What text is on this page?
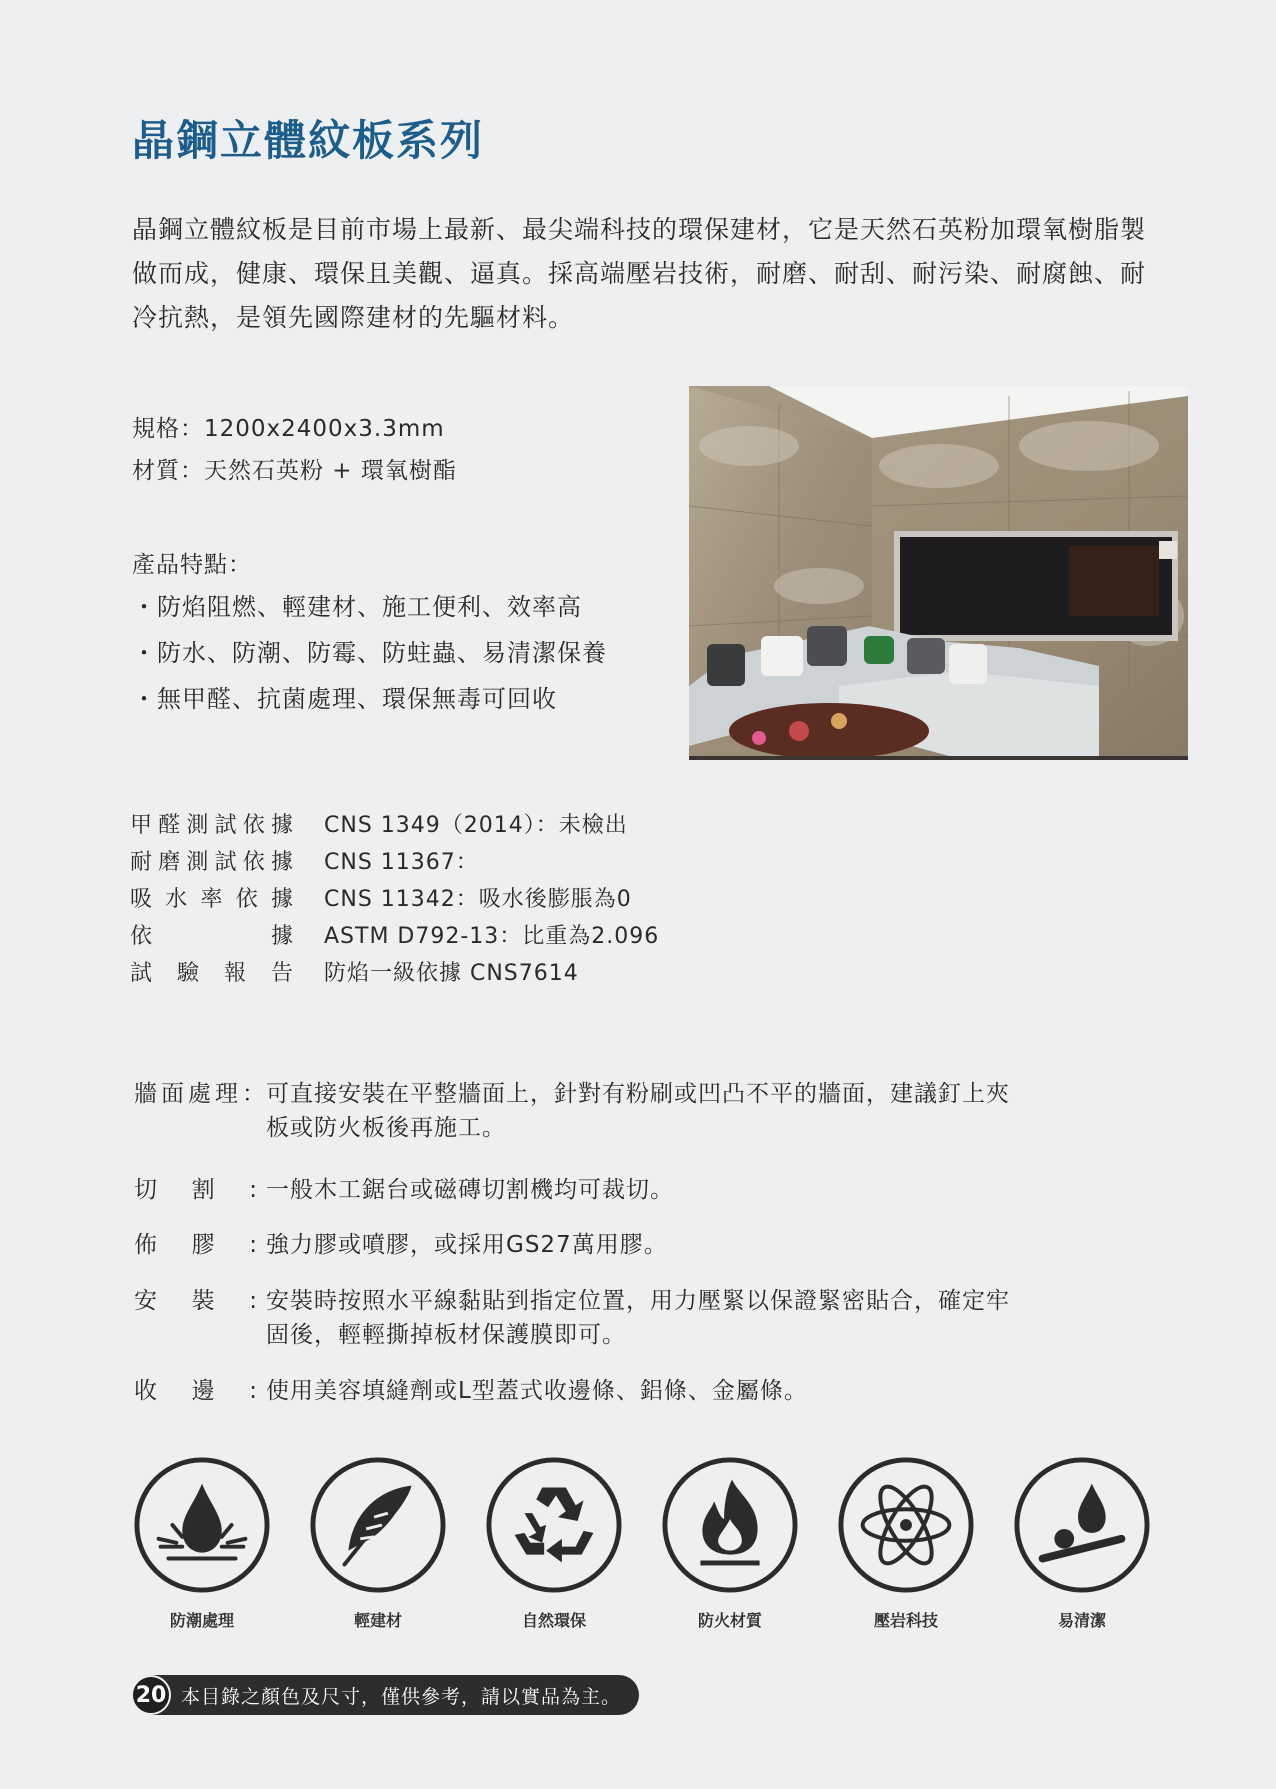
晶鋼立體紋板系列

晶鋼立體紋板是目前市場上最新、最尖端科技的環保建材，它是天然石英粉加環氧樹脂製做而成，健康、環保且美觀、逼真。採高端壓岩技術，耐磨、耐刮、耐污染、耐腐蝕、耐冷抗熱，是領先國際建材的先驅材料。

規格：1200x2400x3.3mm
材質：天然石英粉 + 環氧樹酯
產品特點：
・ 防焰阻燃、輕建材、施工便利、效率高
・ 防水、防潮、防霉、防蛀蟲、易清潔保養
・ 無甲醛、抗菌處理、環保無毒可回收
甲醛測試依據 CNS 1349（2014）：未檢出
耐磨測試依據 CNS 11367：
吸水率依據 CNS 11342：吸水後膨脹為0
依據 ASTM D792-13：比重為2.096
試驗報告 防焰一級依據 CNS7614
牆面處理： 可直接安裝在平整牆面上，針對有粉刷或凹凸不平的牆面，建議釘上夾板或防火板後再施工。
切割: 一般木工鋸台或磁磚切割機均可裁切。
佈膠: 強力膠或噴膠，或採用GS27萬用膠。
安裝: 安裝時按照水平線黏貼到指定位置，用力壓緊以保證緊密貼合，確定牢固後，輕輕撕掉板材保護膜即可。
收邊: 使用美容填縫劑或L型蓋式收邊條、鋁條、金屬條。
防潮處理	輕建材	自然環保	防火材質	壓岩科技	易清潔
20 本目錄之顏色及尺寸，僅供參考，請以實品為主。
